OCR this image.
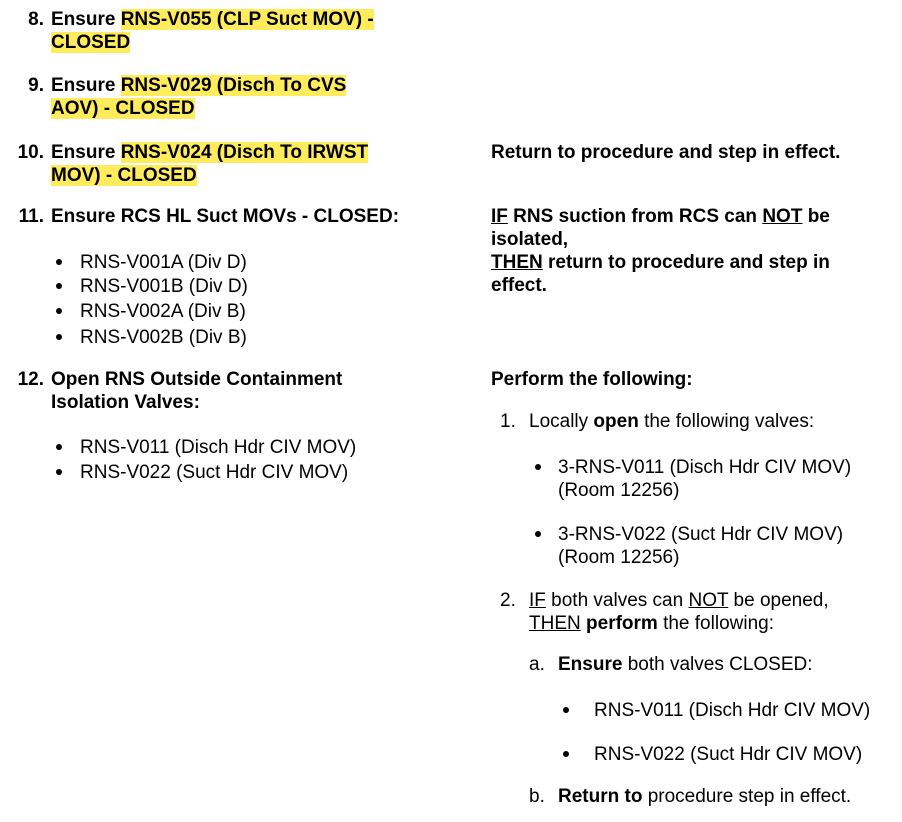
8. Ensure RNS-V055 (CLP Suct MOV) -
CLOSED
9. Ensure RNS-V029 (Disch To CVS
AOV) - CLOSED
10. Ensure RNS-V024 (Disch To IRWST
MOV) - CLOSED
Return to procedure and step in effect.
11. Ensure RCS HL Suct MOVs - CLOSED:
RNS-V001A (Div D)
RNS-V001B (Div D)
RNS-V002A (Div B)
RNS-V002B (Div B)
IF RNS suction from RCS can NOT be
isolated,
THEN return to procedure and step in
effect.
12. Open RNS Outside Containment
Isolation Valves:
RNS-V011 (Disch Hdr CIV MOV)
RNS-V022 (Suct Hdr CIV MOV)
Perform the following:
1. Locally open the following valves:
3-RNS-V011 (Disch Hdr CIV MOV)
(Room 12256)
3-RNS-V022 (Suct Hdr CIV MOV)
(Room 12256)
2. IF both valves can NOT be opened,
THEN perform the following:
a. Ensure both valves CLOSED:
RNS-V011 (Disch Hdr CIV MOV)
RNS-V022 (Suct Hdr CIV MOV)
b. Return to procedure step in effect.
